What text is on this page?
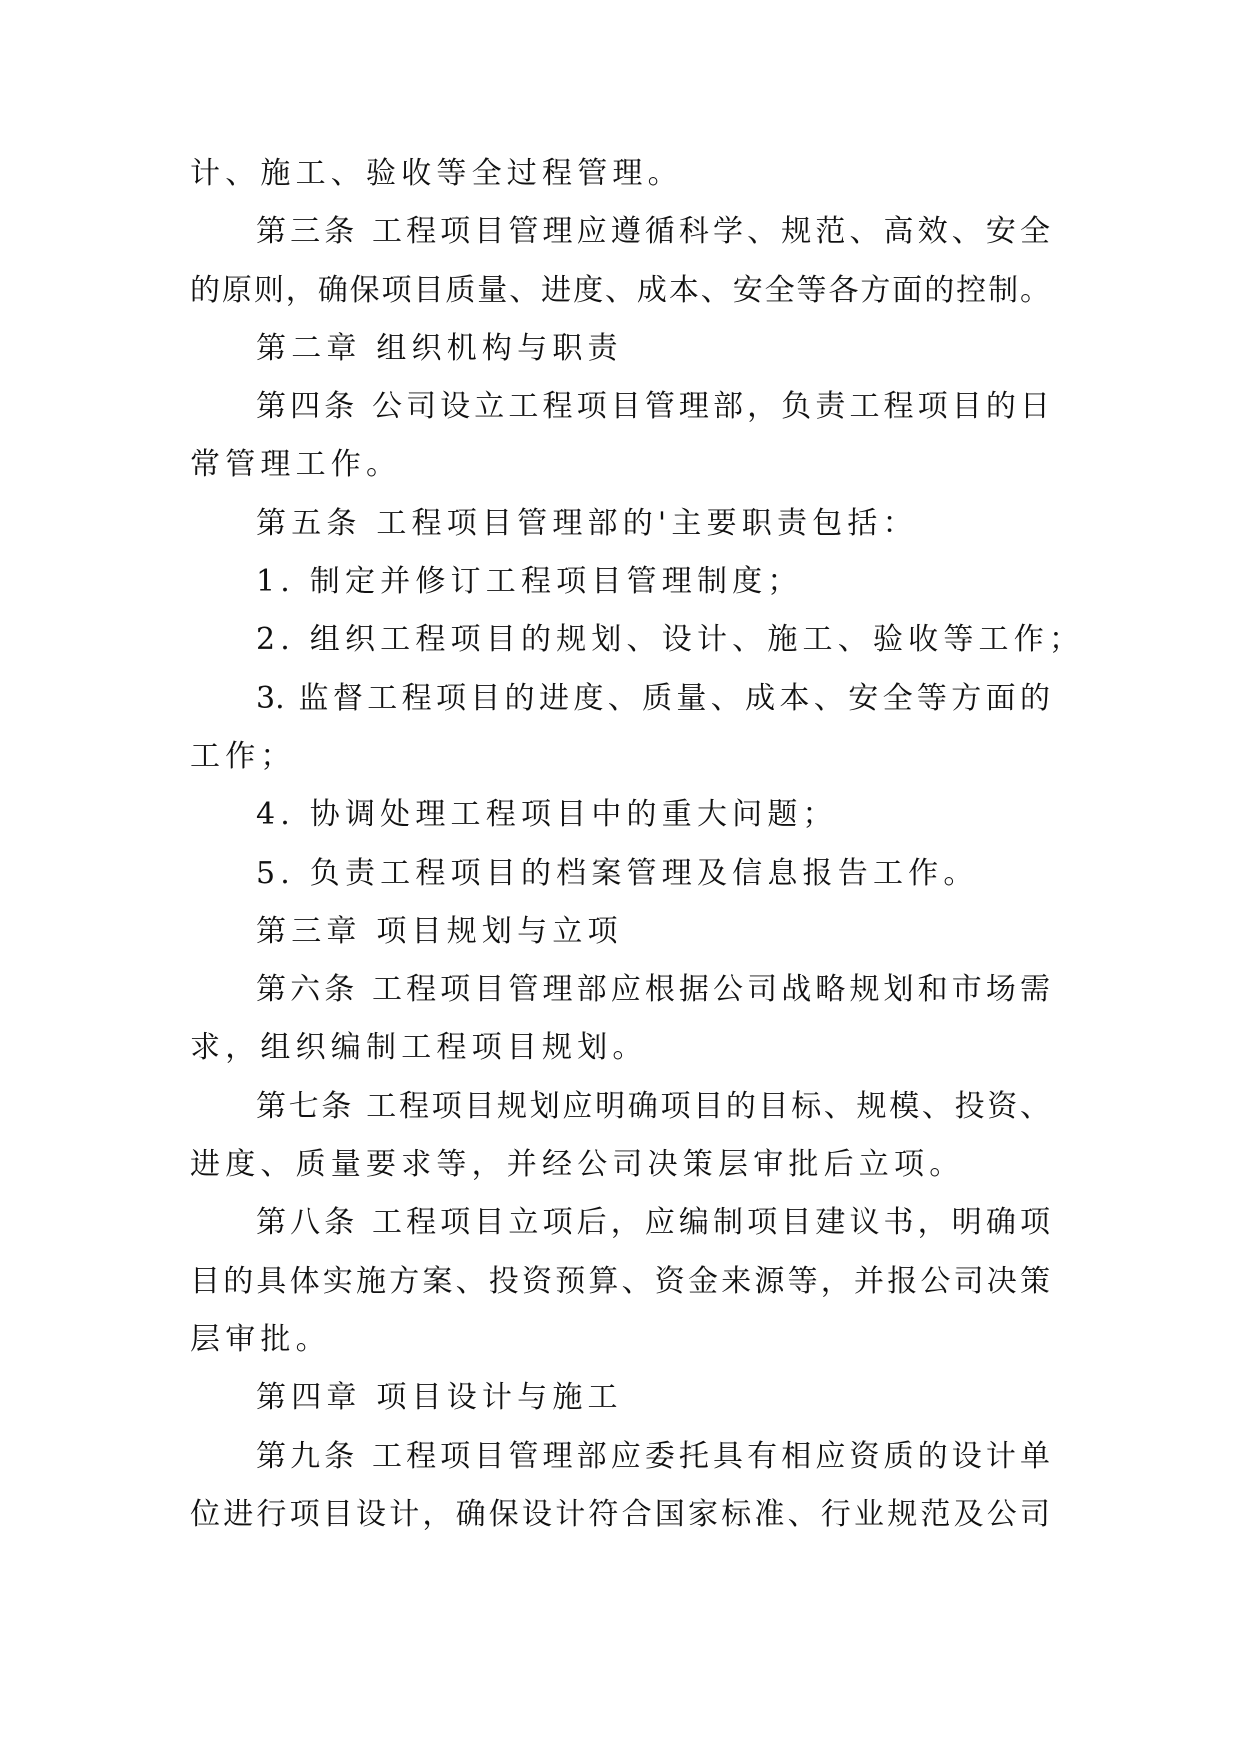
计、施工、验收等全过程管理。
第三条 工程项目管理应遵循科学、规范、高效、安全
的原则，确保项目质量、进度、成本、安全等各方面的控制。
第二章 组织机构与职责
第四条 公司设立工程项目管理部，负责工程项目的日
常管理工作。
第五条 工程项目管理部的'主要职责包括：
1. 制定并修订工程项目管理制度；
2. 组织工程项目的规划、设计、施工、验收等工作；
3. 监督工程项目的进度、质量、成本、安全等方面的
工作；
4. 协调处理工程项目中的重大问题；
5. 负责工程项目的档案管理及信息报告工作。
第三章 项目规划与立项
第六条 工程项目管理部应根据公司战略规划和市场需
求，组织编制工程项目规划。
第七条 工程项目规划应明确项目的目标、规模、投资、
进度、质量要求等，并经公司决策层审批后立项。
第八条 工程项目立项后，应编制项目建议书，明确项
目的具体实施方案、投资预算、资金来源等，并报公司决策
层审批。
第四章 项目设计与施工
第九条 工程项目管理部应委托具有相应资质的设计单
位进行项目设计，确保设计符合国家标准、行业规范及公司
